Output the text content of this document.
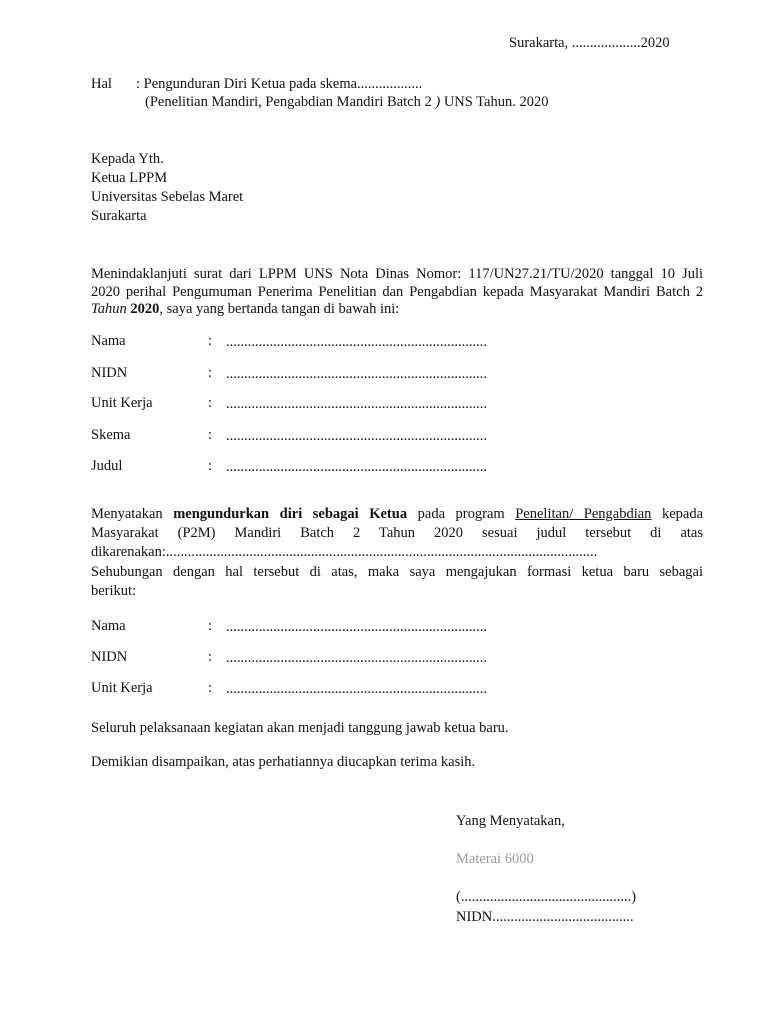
Surakarta, ...................2020
Hal : Pengunduran Diri Ketua pada skema..................
(Penelitian Mandiri, Pengabdian Mandiri Batch 2 ) UNS Tahun. 2020
Kepada Yth.
Ketua LPPM
Universitas Sebelas Maret
Surakarta
Menindaklanjuti surat dari LPPM UNS Nota Dinas Nomor: 117/UN27.21/TU/2020 tanggal 10 Juli
2020 perihal Pengumuman Penerima Penelitian dan Pengabdian kepada Masyarakat Mandiri Batch 2
Tahun 2020, saya yang bertanda tangan di bawah ini:
Nama	: ........................................................................
NIDN	: ........................................................................
Unit Kerja	: ........................................................................
Skema	: ........................................................................
Judul	: ........................................................................
Menyatakan mengundurkan diri sebagai Ketua pada program Penelitan/ Pengabdian kepada
Masyarakat (P2M) Mandiri Batch 2 Tahun 2020 sesuai judul tersebut di atas
dikarenakan:.......................................................................................................................
Sehubungan dengan hal tersebut di atas, maka saya mengajukan formasi ketua baru sebagai
berikut:
Nama	: ........................................................................
NIDN	: ........................................................................
Unit Kerja	: ........................................................................
Seluruh pelaksanaan kegiatan akan menjadi tanggung jawab ketua baru.
Demikian disampaikan, atas perhatiannya diucapkan terima kasih.
Yang Menyatakan,
Materai 6000
(...............................................)
NIDN.......................................
